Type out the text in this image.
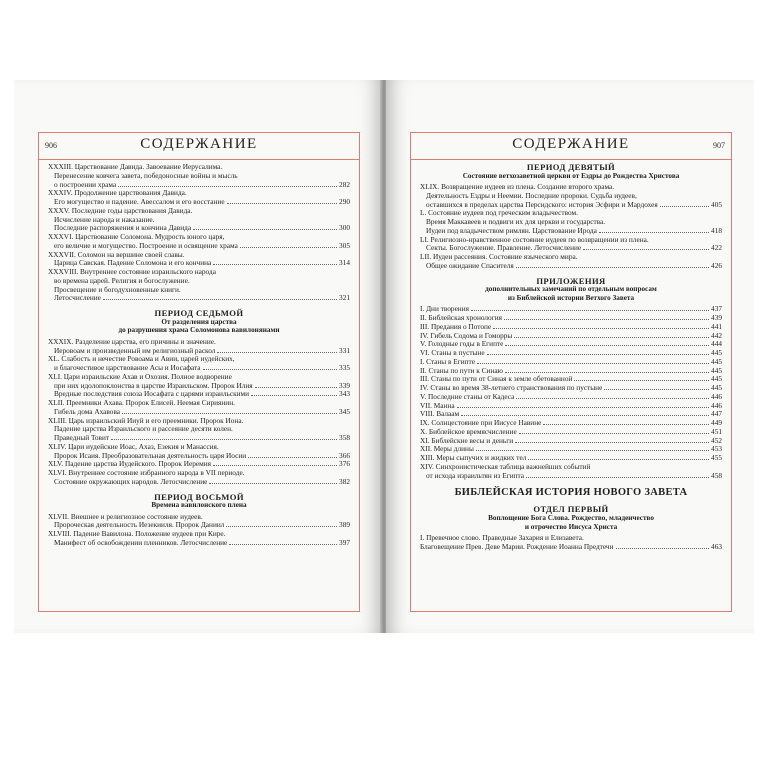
906	СОДЕРЖАНИЕ
XXXIII. Царствование Давида. Завоевание Иерусалима.
Перенесение ковчега завета, победоносные войны и мысль
о построении храма	282
XXXIV. Продолжение царствования Давида.
Его могущество и падение. Авессалом и его восстание	290
XXXV. Последние годы царствования Давида.
Исчисление народа и наказание.
Последние распоряжения и кончина Давида	300
XXXVI. Царствование Соломона. Мудрость юного царя,
его величие и могущество. Построение и освящение храма	305
XXXVII. Соломон на вершине своей славы.
Царица Савская. Падение Соломона и его кончина	314
XXXVIII. Внутреннее состояние израильского народа
во времена царей. Религия и богослужение.
Просвещение и богодухновенные книги.
Летосчисление	321
ПЕРИОД СЕДЬМОЙ
От разделения царства
до разрушения храма Соломонова вавилонянами
XXXIX. Разделение царства, его причины и значение.
Иеровоам и произведенный им религиозный раскол	331
XL. Слабость и нечестие Ровоама и Авии, царей иудейских,
и благочестивое царствование Асы и Иосафата	335
XLI. Цари израильские Ахав и Охозия. Полное водворение
при них идолопоклонства в царстве Израильском. Пророк Илия	339
Вредные последствия союза Иосафата с царями израильскими	343
XLII. Преемники Ахава. Пророк Елисей. Неемая Сириянин.
Гибель дома Ахавова	345
XLIII. Царь израильский Ииуй и его преемники. Пророк Иона.
Падение царства Израильского и рассеяние десяти колен.
Праведный Товит	358
XLIV. Цари иудейские Иоас, Ахаз, Езекия и Манассия.
Пророк Исаия. Преобразовательная деятельность царя Иосии	366
XLV. Падение царства Иудейского. Пророк Иеремия	376
XLVI. Внутреннее состояние избранного народа в VII периоде.
Состояние окружающих народов. Летосчисление	382
ПЕРИОД ВОСЬМОЙ
Времена вавилонского плена
XLVII. Внешнее и религиозное состояние иудеев.
Пророческая деятельность Иезекииля. Пророк Даниил	389
XLVIII. Падение Вавилона. Положение иудеев при Кире.
Манифест об освобождении пленников. Летосчисление	397
СОДЕРЖАНИЕ	907
ПЕРИОД ДЕВЯТЫЙ
Состояние ветхозаветной церкви от Ездры до Рождества Христова
XLIX. Возвращение иудеев из плена. Создание второго храма.
Деятельность Ездры и Неемии. Последние пророки. Судьба иудеев,
оставшихся в пределах царства Персидского: история Эсфири и Мардохея	405
L. Состояние иудеев под греческим владычеством.
Время Маккавеев и подвиги их для церкви и государства.
Иудеи под владычеством римлян. Царствование Ирода	418
LI. Религиозно-нравственное состояние иудеев по возвращении из плена.
Секты. Богослужение. Правление. Летосчисление	422
LII. Иудеи рассеяния. Состояние языческого мира.
Общее ожидание Спасителя	426
ПРИЛОЖЕНИЯ
дополнительных замечаний по отдельным вопросам
из Библейской истории Ветхого Завета
I. Дни творения	437
II. Библейская хронология	439
III. Предания о Потопе	441
IV. Гибель Содома и Гоморры	442
V. Голодные годы в Египте	444
VI. Станы в пустыне	445
I. Станы в Египте	445
II. Станы по пути к Синаю	445
III. Станы по пути от Синая к земле обетованной	445
IV. Станы во время 38-летнего странствования по пустыне	445
V. Последние станы от Кадеса	446
VII. Манна	446
VIII. Валаам	447
IX. Солнцестояние при Иисусе Навине	449
X. Библейское времясчисление	451
XI. Библейские весы и деньги	452
XII. Меры длины	453
XIII. Меры сыпучих и жидких тел	455
XIV. Синхронистическая таблица важнейших событий
от исхода израильтян из Египта	458
БИБЛЕЙСКАЯ ИСТОРИЯ НОВОГО ЗАВЕТА
ОТДЕЛ ПЕРВЫЙ
Воплощение Бога Слова. Рождество, младенчество
и отрочество Иисуса Христа
I. Превечное слово. Праведные Захария и Елизавета.
Благовещение Прев. Деве Марии. Рождение Иоанна Предтечи	463
